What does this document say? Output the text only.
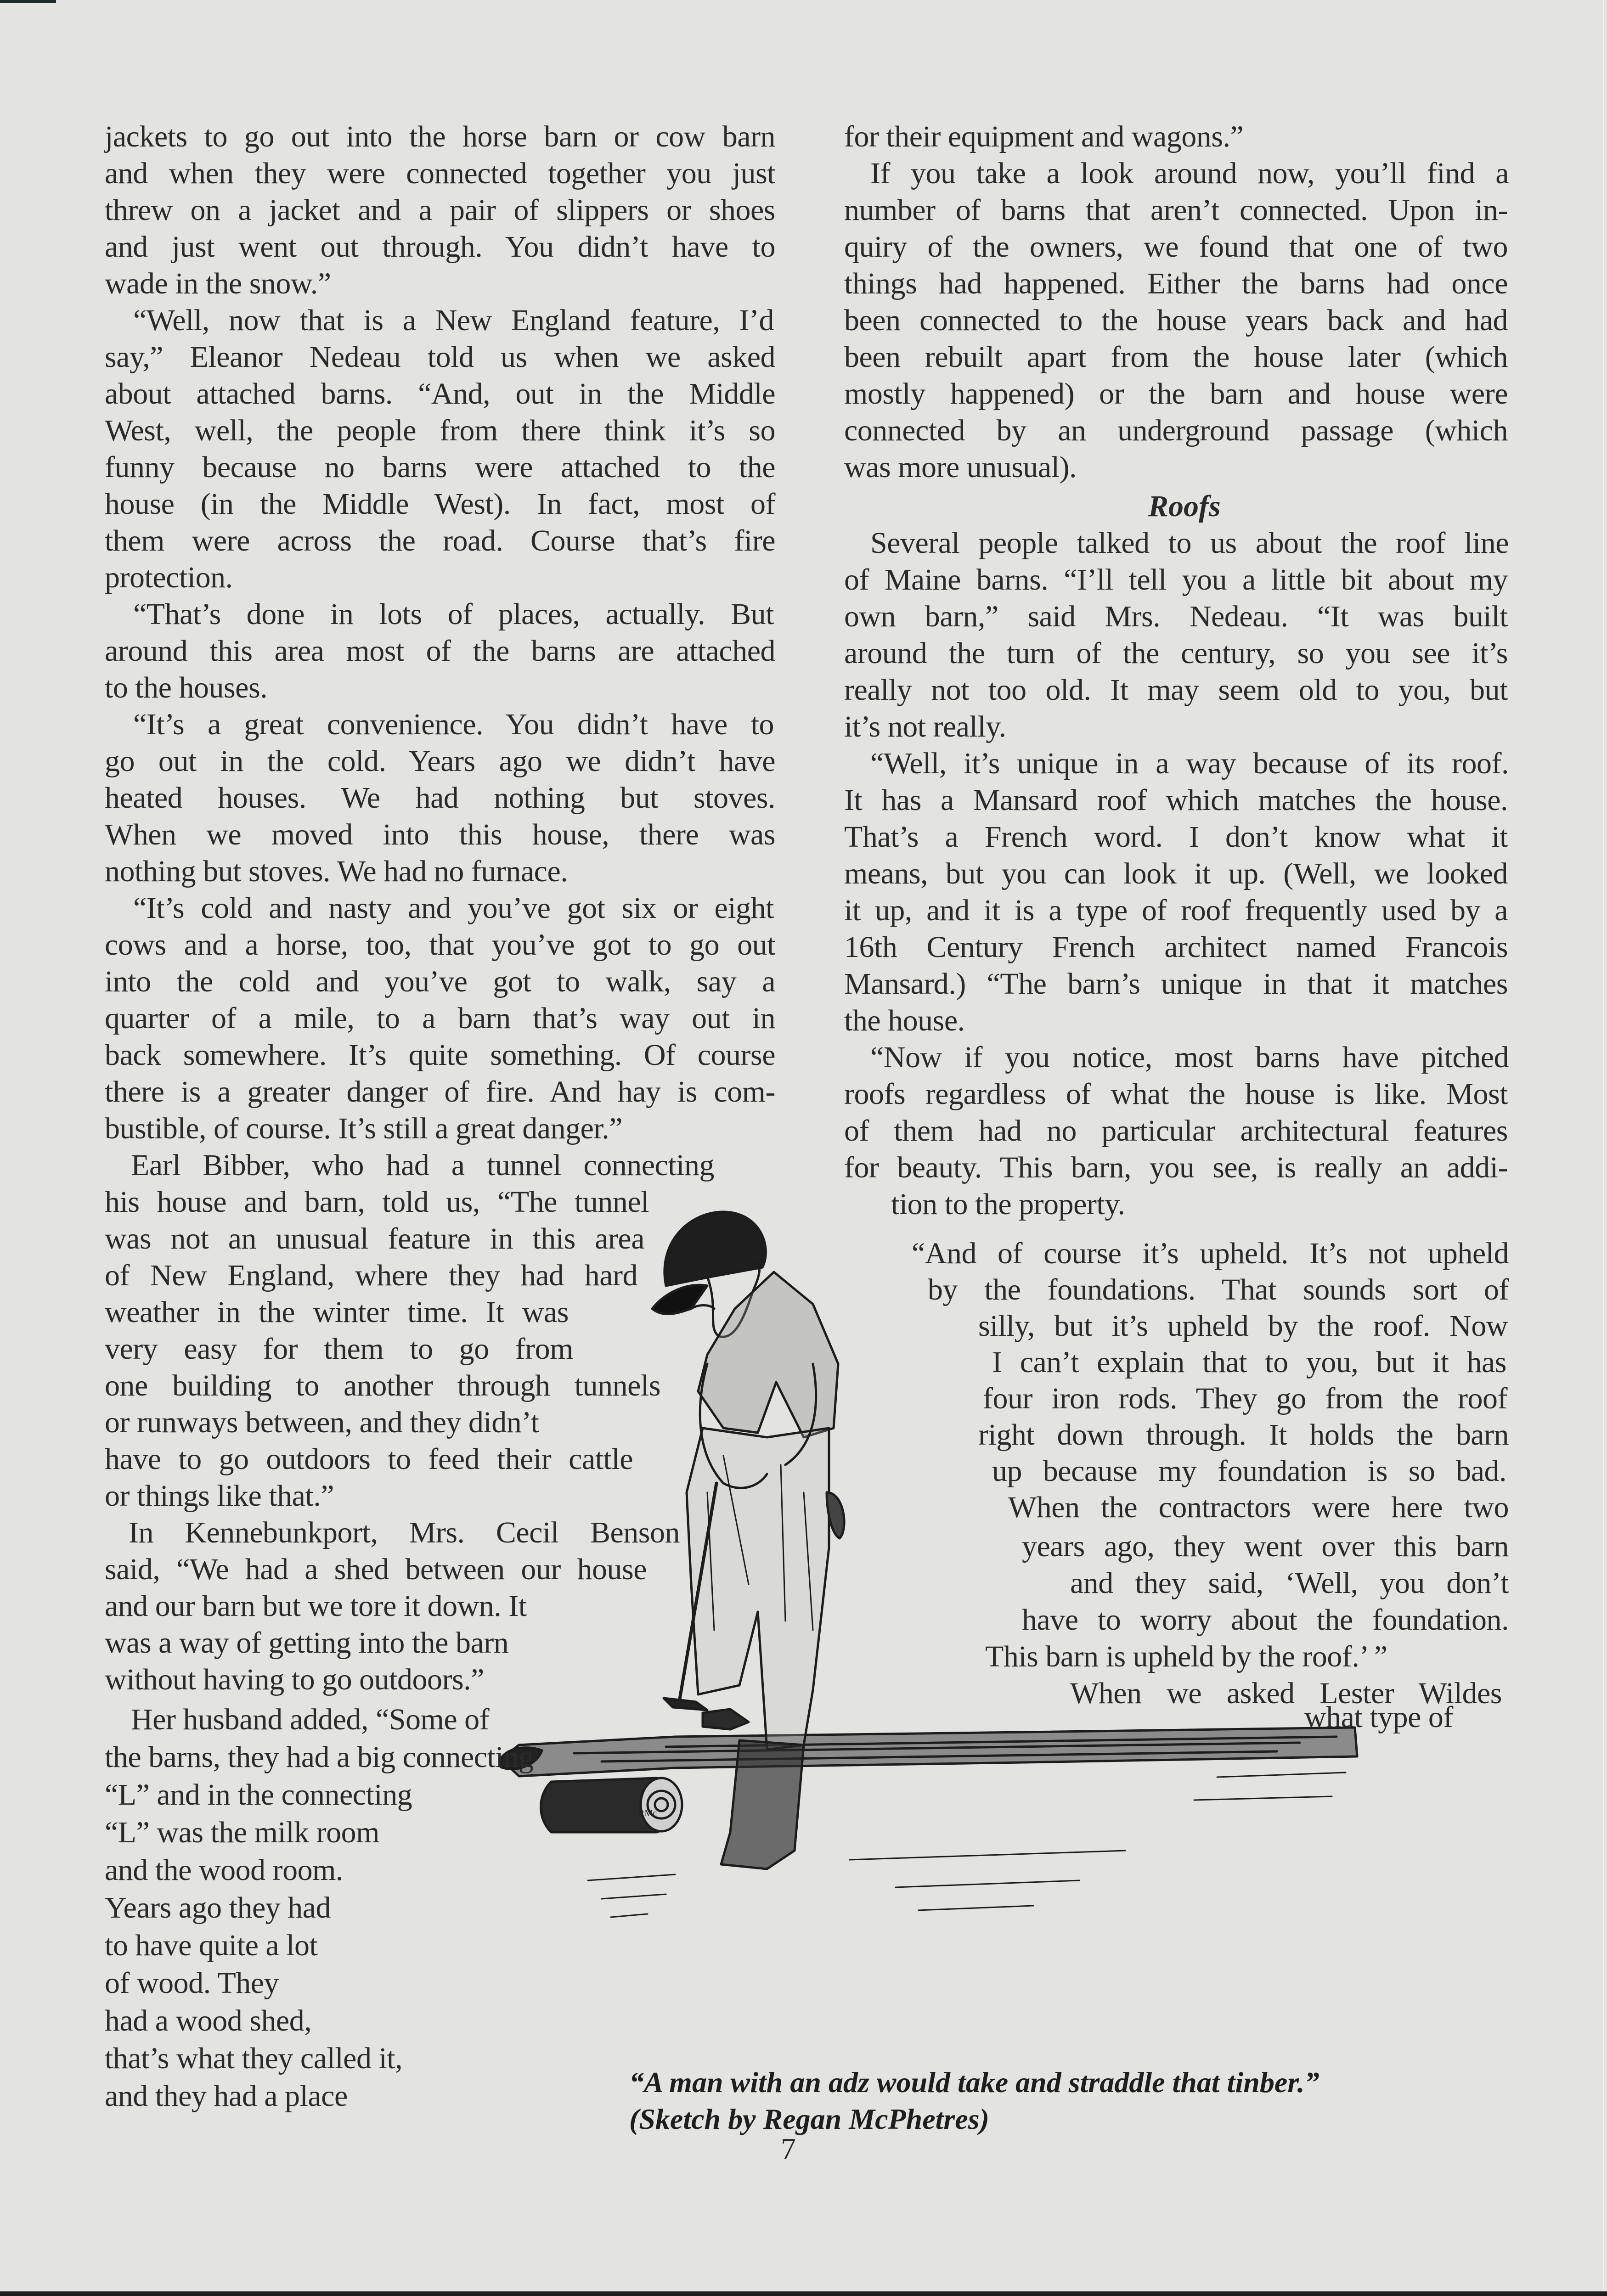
jackets to go out into the horse barn or cow barn
and when they were connected together you just
threw on a jacket and a pair of slippers or shoes
and just went out through. You didn’t have to
wade in the snow.”
“Well, now that is a New England feature, I’d
say,” Eleanor Nedeau told us when we asked
about attached barns. “And, out in the Middle
West, well, the people from there think it’s so
funny because no barns were attached to the
house (in the Middle West). In fact, most of
them were across the road. Course that’s fire
protection.
“That’s done in lots of places, actually. But
around this area most of the barns are attached
to the houses.
“It’s a great convenience. You didn’t have to
go out in the cold. Years ago we didn’t have
heated houses. We had nothing but stoves.
When we moved into this house, there was
nothing but stoves. We had no furnace.
“It’s cold and nasty and you’ve got six or eight
cows and a horse, too, that you’ve got to go out
into the cold and you’ve got to walk, say a
quarter of a mile, to a barn that’s way out in
back somewhere. It’s quite something. Of course
there is a greater danger of fire. And hay is com-
bustible, of course. It’s still a great danger.”
Earl Bibber, who had a tunnel connecting
his house and barn, told us, “The tunnel
was not an unusual feature in this area
of New England, where they had hard
weather in the winter time. It was
very easy for them to go from
one building to another through tunnels
or runways between, and they didn’t
have to go outdoors to feed their cattle
or things like that.”
In Kennebunkport, Mrs. Cecil Benson
said, “We had a shed between our house
and our barn but we tore it down. It
was a way of getting into the barn
without having to go outdoors.”
Her husband added, “Some of
the barns, they had a big connecting
“L” and in the connecting
“L” was the milk room
and the wood room.
Years ago they had
to have quite a lot
of wood. They
had a wood shed,
that’s what they called it,
and they had a place
Roofs
for their equipment and wagons.”
If you take a look around now, you’ll find a
number of barns that aren’t connected. Upon in-
quiry of the owners, we found that one of two
things had happened. Either the barns had once
been connected to the house years back and had
been rebuilt apart from the house later (which
mostly happened) or the barn and house were
connected by an underground passage (which
was more unusual).
Several people talked to us about the roof line
of Maine barns. “I’ll tell you a little bit about my
own barn,” said Mrs. Nedeau. “It was built
around the turn of the century, so you see it’s
really not too old. It may seem old to you, but
it’s not really.
“Well, it’s unique in a way because of its roof.
It has a Mansard roof which matches the house.
That’s a French word. I don’t know what it
means, but you can look it up. (Well, we looked
it up, and it is a type of roof frequently used by a
16th Century French architect named Francois
Mansard.) “The barn’s unique in that it matches
the house.
“Now if you notice, most barns have pitched
roofs regardless of what the house is like. Most
of them had no particular architectural features
for beauty. This barn, you see, is really an addi-
tion to the property.
“And of course it’s upheld. It’s not upheld
by the foundations. That sounds sort of
silly, but it’s upheld by the roof. Now
I can’t explain that to you, but it has
four iron rods. They go from the roof
right down through. It holds the barn
up because my foundation is so bad.
When the contractors were here two
years ago, they went over this barn
and they said, ‘Well, you don’t
have to worry about the foundation.
This barn is upheld by the roof.’ ”
When we asked Lester Wildes
what type of
RMc
“A man with an adz would take and straddle that tinber.”
(Sketch by Regan McPhetres)
7
